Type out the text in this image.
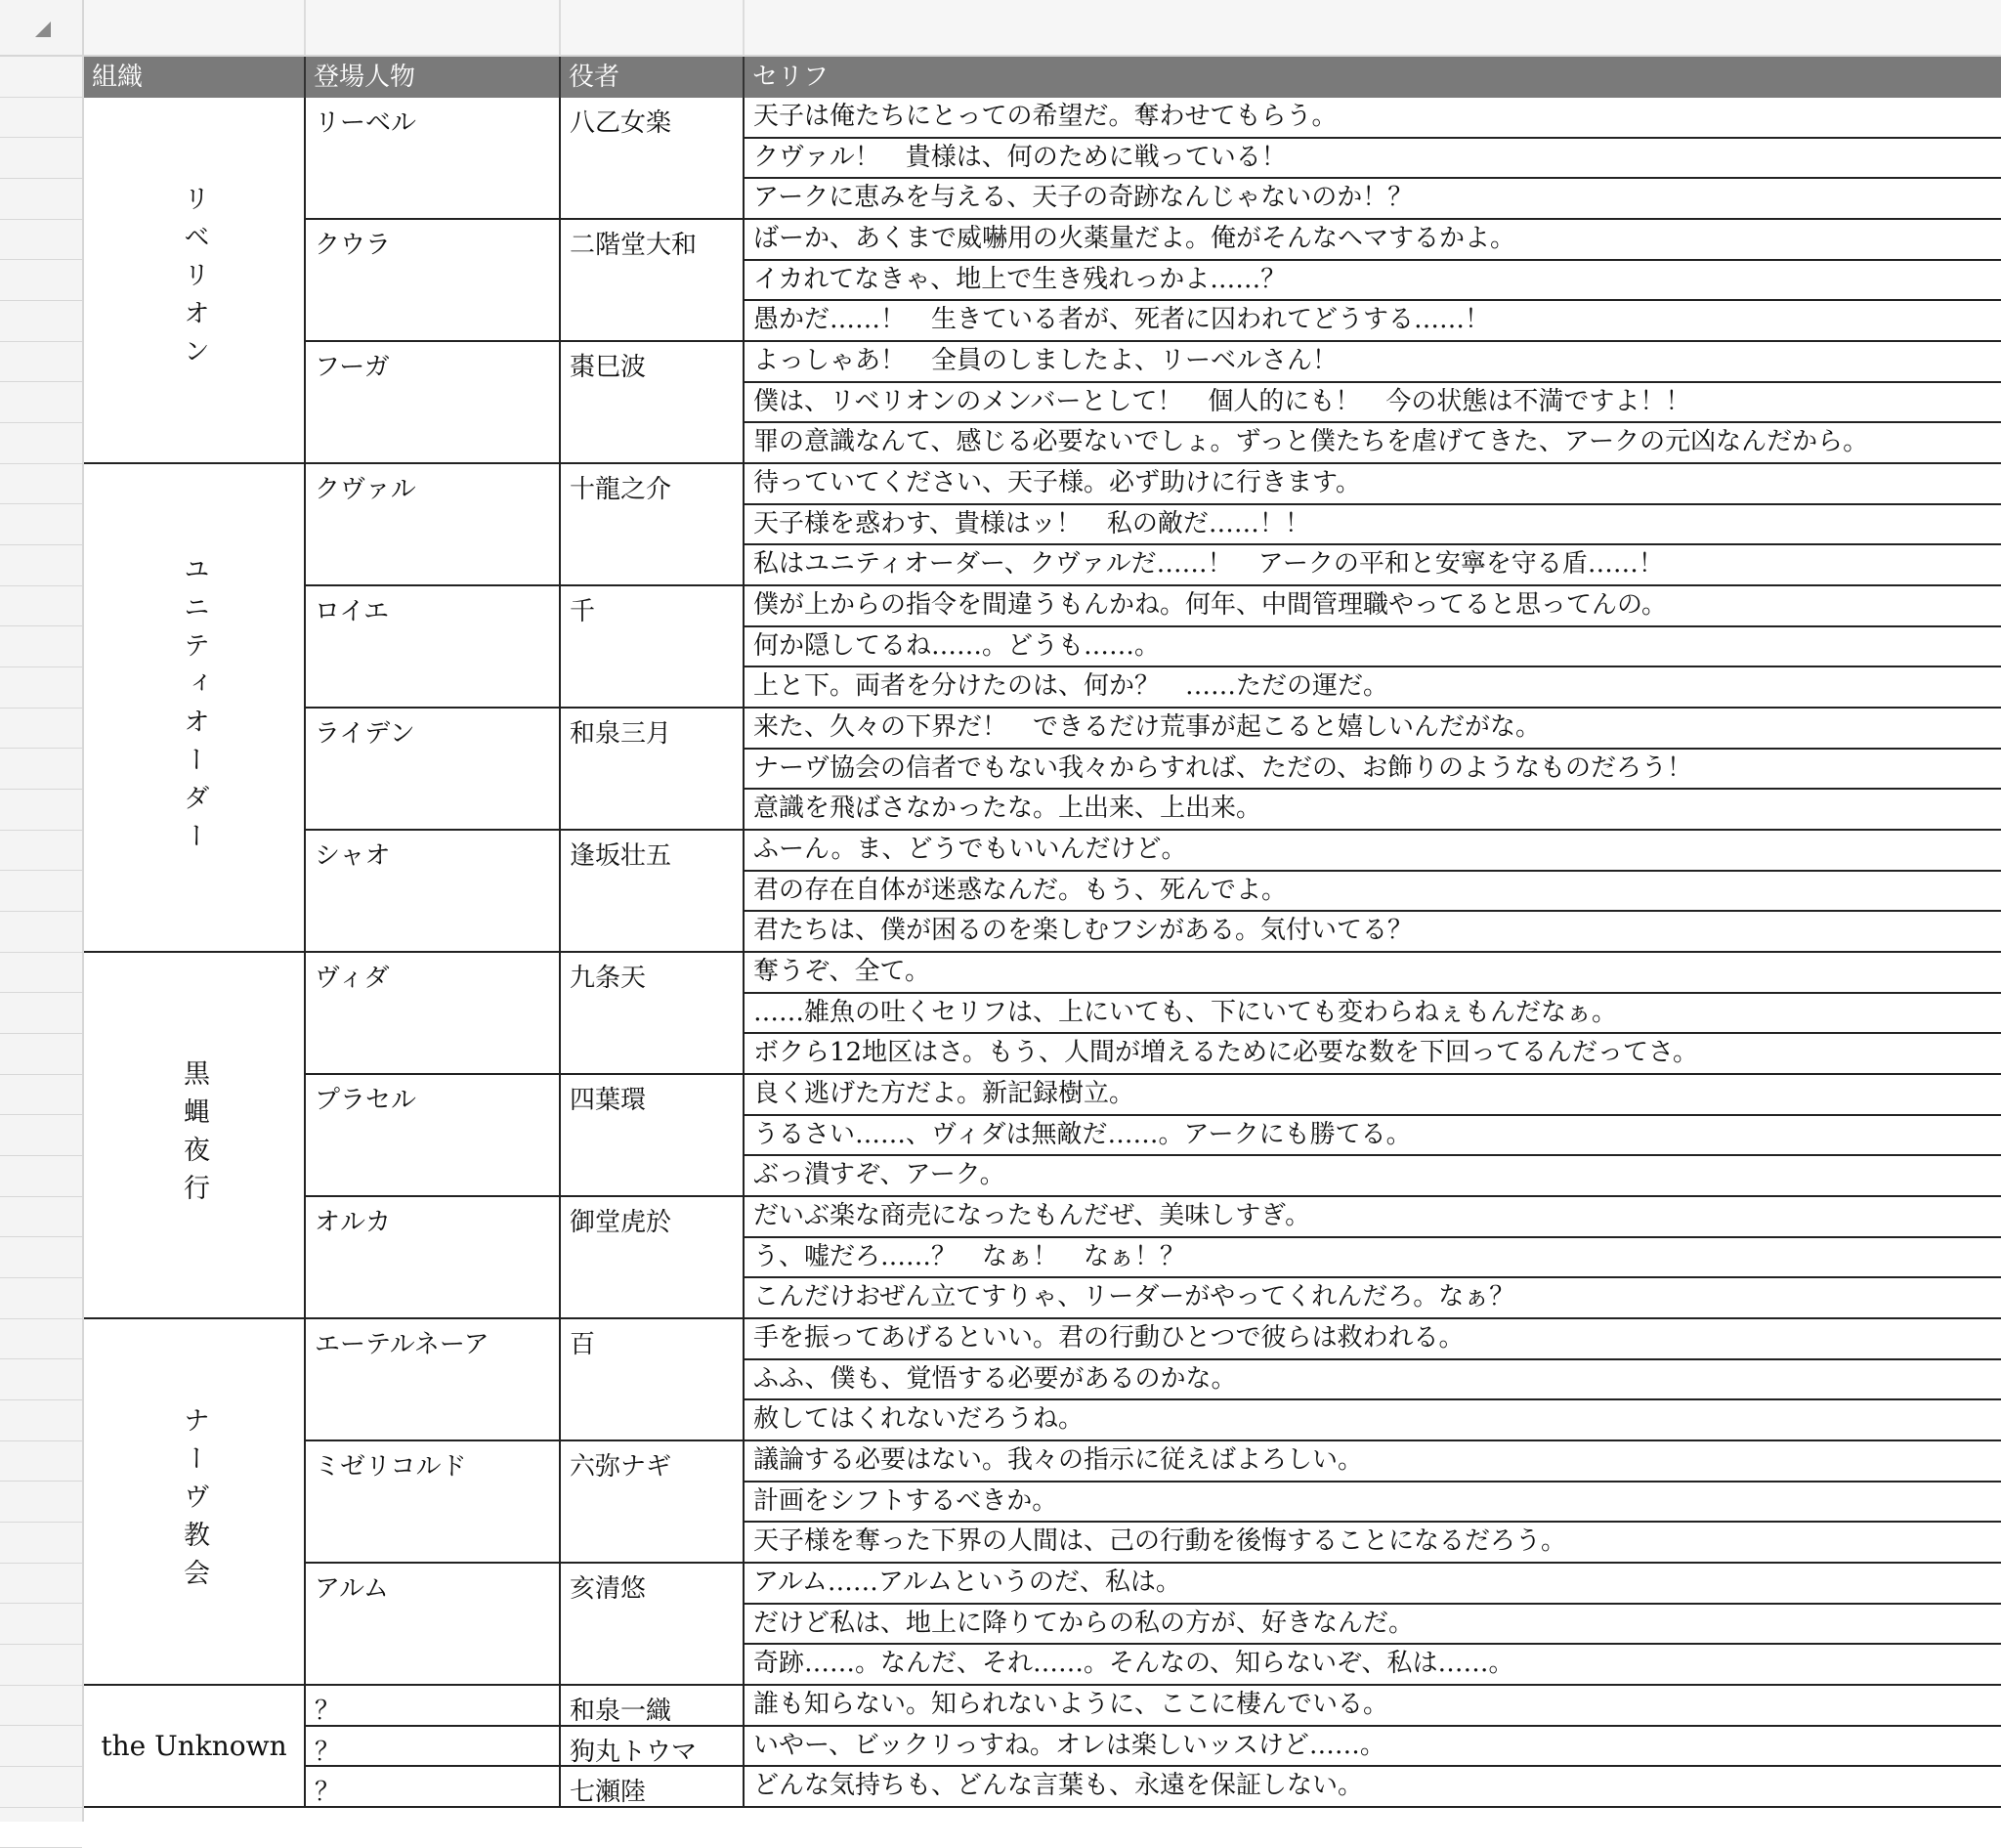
組織	登場人物	役者	セリフ
リベリオン
リーベル	八乙女楽	天子は俺たちにとっての希望だ。奪わせてもらう。
クヴァル！　貴様は、何のために戦っている！
アークに恵みを与える、天子の奇跡なんじゃないのか！？
クウラ	二階堂大和	ばーか、あくまで威嚇用の火薬量だよ。俺がそんなヘマするかよ。
イカれてなきゃ、地上で生き残れっかよ……？
愚かだ……！　生きている者が、死者に囚われてどうする……！
フーガ	棗巳波	よっしゃあ！　全員のしましたよ、リーベルさん！
僕は、リベリオンのメンバーとして！　個人的にも！　今の状態は不満ですよ！！
罪の意識なんて、感じる必要ないでしょ。ずっと僕たちを虐げてきた、アークの元凶なんだから。
ユニティオーダー
クヴァル	十龍之介	待っていてください、天子様。必ず助けに行きます。
天子様を惑わす、貴様はッ！　私の敵だ……！！
私はユニティオーダー、クヴァルだ……！　アークの平和と安寧を守る盾……！
ロイエ	千	僕が上からの指令を間違うもんかね。何年、中間管理職やってると思ってんの。
何か隠してるね……。どうも……。
上と下。両者を分けたのは、何か？　……ただの運だ。
ライデン	和泉三月	来た、久々の下界だ！　できるだけ荒事が起こると嬉しいんだがな。
ナーヴ協会の信者でもない我々からすれば、ただの、お飾りのようなものだろう！
意識を飛ばさなかったな。上出来、上出来。
シャオ	逢坂壮五	ふーん。ま、どうでもいいんだけど。
君の存在自体が迷惑なんだ。もう、死んでよ。
君たちは、僕が困るのを楽しむフシがある。気付いてる？
黒蝿夜行
ヴィダ	九条天	奪うぞ、全て。
……雑魚の吐くセリフは、上にいても、下にいても変わらねぇもんだなぁ。
ボクら12地区はさ。もう、人間が増えるために必要な数を下回ってるんだってさ。
プラセル	四葉環	良く逃げた方だよ。新記録樹立。
うるさい……、ヴィダは無敵だ……。アークにも勝てる。
ぶっ潰すぞ、アーク。
オルカ	御堂虎於	だいぶ楽な商売になったもんだぜ、美味しすぎ。
う、嘘だろ……？　なぁ！　なぁ！？
こんだけおぜん立てすりゃ、リーダーがやってくれんだろ。なぁ？
ナーヴ教会
エーテルネーア	百	手を振ってあげるといい。君の行動ひとつで彼らは救われる。
ふふ、僕も、覚悟する必要があるのかな。
赦してはくれないだろうね。
ミゼリコルド	六弥ナギ	議論する必要はない。我々の指示に従えばよろしい。
計画をシフトするべきか。
天子様を奪った下界の人間は、己の行動を後悔することになるだろう。
アルム	亥清悠	アルム……アルムというのだ、私は。
だけど私は、地上に降りてからの私の方が、好きなんだ。
奇跡……。なんだ、それ……。そんなの、知らないぞ、私は……。
the Unknown
？	和泉一織	誰も知らない。知られないように、ここに棲んでいる。
？	狗丸トウマ	いやー、ビックリっすね。オレは楽しいッスけど……。
？	七瀬陸	どんな気持ちも、どんな言葉も、永遠を保証しない。
